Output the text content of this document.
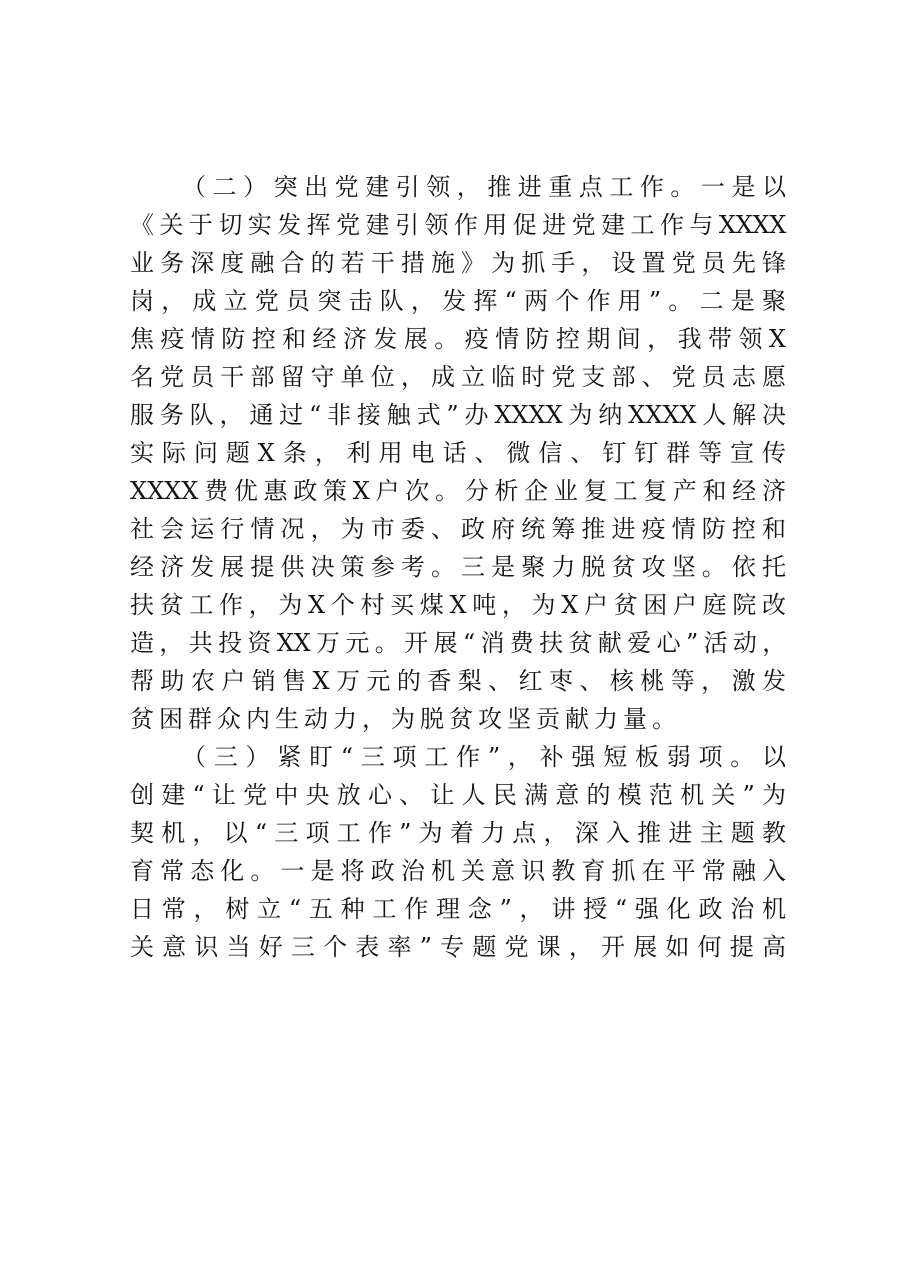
（二）突出党建引领，推进重点工作。一是以
《关于切实发挥党建引领作用促进党建工作与XXXX
业务深度融合的若干措施》为抓手，设置党员先锋
岗，成立党员突击队，发挥“两个作用”。二是聚
焦疫情防控和经济发展。疫情防控期间，我带领X
名党员干部留守单位，成立临时党支部、党员志愿
服务队，通过“非接触式”办XXXX为纳XXXX人解决
实际问题X条，利用电话、微信、钉钉群等宣传
XXXX费优惠政策X户次。分析企业复工复产和经济
社会运行情况，为市委、政府统筹推进疫情防控和
经济发展提供决策参考。三是聚力脱贫攻坚。依托
扶贫工作，为X个村买煤X吨，为X户贫困户庭院改
造，共投资XX万元。开展“消费扶贫献爱心”活动，
帮助农户销售X万元的香梨、红枣、核桃等，激发
贫困群众内生动力，为脱贫攻坚贡献力量。
（三）紧盯“三项工作”，补强短板弱项。以
创建“让党中央放心、让人民满意的模范机关”为
契机，以“三项工作”为着力点，深入推进主题教
育常态化。一是将政治机关意识教育抓在平常融入
日常，树立“五种工作理念”，讲授“强化政治机
关意识当好三个表率”专题党课，开展如何提高
